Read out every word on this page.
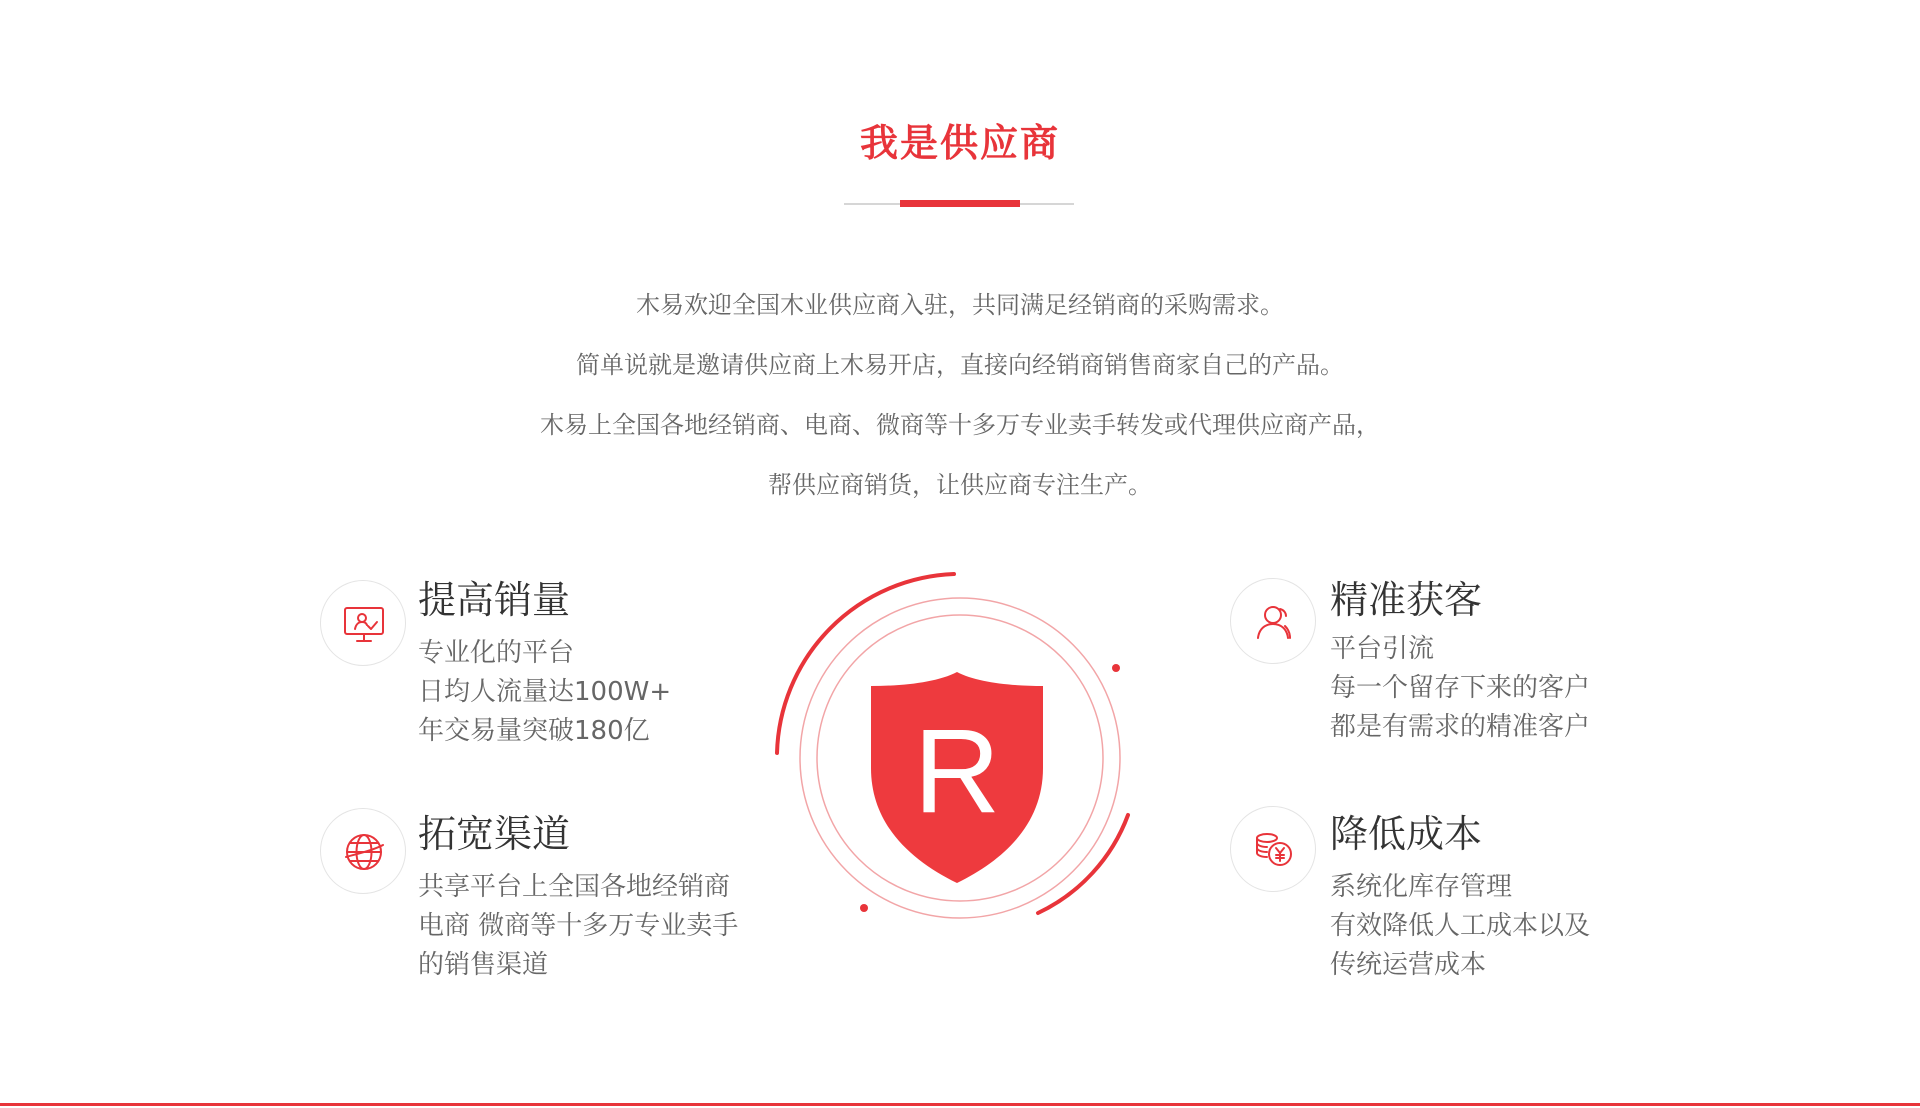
我是供应商

木易欢迎全国木业供应商入驻，共同满足经销商的采购需求。

简单说就是邀请供应商上木易开店，直接向经销商销售商家自己的产品。

木易上全国各地经销商、电商、微商等十多万专业卖手转发或代理供应商产品，

帮供应商销货，让供应商专注生产。

提高销量
专业化的平台
日均人流量达100W+
年交易量突破180亿
拓宽渠道
共享平台上全国各地经销商
电商 微商等十多万专业卖手
的销售渠道
精准获客
平台引流
每一个留存下来的客户
都是有需求的精准客户
降低成本
系统化库存管理
有效降低人工成本以及
传统运营成本
R
